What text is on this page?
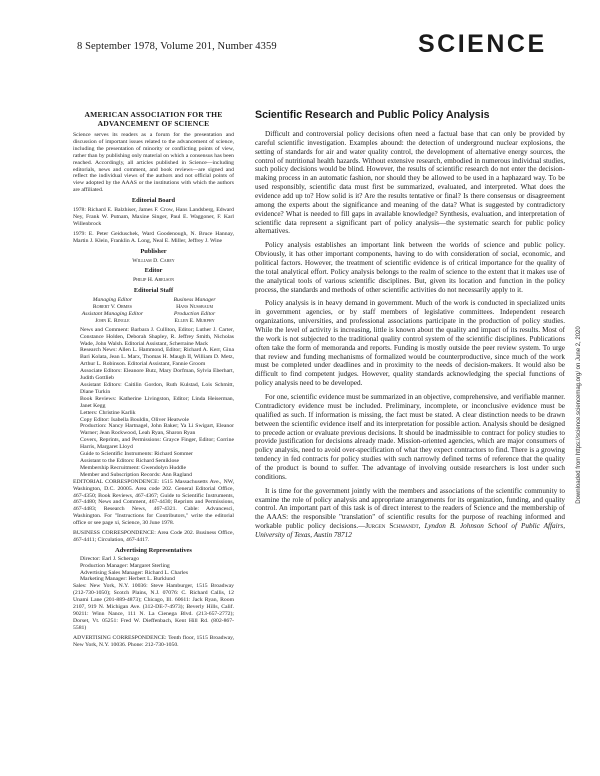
8 September 1978, Volume 201, Number 4359	SCIENCE
AMERICAN ASSOCIATION FOR THE ADVANCEMENT OF SCIENCE
Science serves its readers as a forum for the presentation and discussion of important issues related to the advancement of science, including the presentation of minority or conflicting points of view, rather than by publishing only material on which a consensus has been reached. Accordingly, all articles published in Science—including editorials, news and comment, and book reviews—are signed and reflect the individual views of the authors and not official points of view adopted by the AAAS or the institutions with which the authors are affiliated.
Editorial Board
1978: Richard E. Balzhiser, James F. Crow, Hans Landsberg, Edward Ney, Frank W. Putnam, Maxine Singer, Paul E. Waggoner, F. Karl Willenbrock
1979: E. Peter Geiduschek, Ward Goodenough, N. Bruce Hannay, Martin J. Klein, Franklin A. Long, Neal E. Miller, Jeffrey J. Wine
Publisher
William D. Carey
Editor
Philip H. Abelson
Editorial Staff
Managing Editor	Business Manager
Robert V. Ormes	Hans Nussbaum
Assistant Managing Editor	Production Editor
John E. Ringle	Ellen E. Murphy
News and Comment: Barbara J. Culliton, Editor; Luther J. Carter, Constance Holden, Deborah Shapley, R. Jeffrey Smith, Nicholas Wade, John Walsh. Editorial Assistant, Scherraine Mack
Research News: Allen L. Hammond, Editor; Richard A. Kerr, Gina Bari Kolata, Jean L. Marx, Thomas H. Maugh II, William D. Metz, Arthur L. Robinson. Editorial Assistant, Fannie Groom
Associate Editors: Eleanore Butz, Mary Dorfman, Sylvia Eberhart, Judith Gottlieb
Assistant Editors: Caitilin Gordon, Ruth Kulstad, Lois Schmitt, Diane Turkin
Book Reviews: Katherine Livingston, Editor; Linda Heiserman, Janet Kegg
Letters: Christine Karlik
Copy Editor: Isabella Bouldin, Oliver Heatwole
Production: Nancy Hartnagel, John Baker; Ya Li Swigart, Eleanor Warner; Jean Rockwood, Leah Ryan, Sharon Ryan
Covers, Reprints, and Permissions: Grayce Finger, Editor; Corrine Harris, Margaret Lloyd
Guide to Scientific Instruments: Richard Sommer
Assistant to the Editors: Richard Semiklose
Membership Recruitment: Gwendolyn Huddle
Member and Subscription Records: Ann Ragland
EDITORIAL CORRESPONDENCE: 1515 Massachusetts Ave., NW, Washington, D.C. 20005. Area code 202. General Editorial Office, 467-4350; Book Reviews, 467-4367; Guide to Scientific Instruments, 467-4480; News and Comment, 467-4430; Reprints and Permissions, 467-4483; Research News, 467-4321. Cable: Advancesci, Washington. For "Instructions for Contributors," write the editorial office or see page xi, Science, 30 June 1978.
BUSINESS CORRESPONDENCE: Area Code 202. Business Office, 467-4411; Circulation, 467-4417.
Advertising Representatives
Director: Earl J. Scherago
Production Manager: Margaret Sterling
Advertising Sales Manager: Richard L. Charles
Marketing Manager: Herbert L. Burklund
Sales: New York, N.Y. 10036: Steve Hamburger, 1515 Broadway (212-730-1050); Scotch Plains, N.J. 07076: C. Richard Callis, 12 Unami Lane (201-889-4873); Chicago, Ill. 60611: Jack Ryan, Room 2107, 919 N. Michigan Ave. (312-DE-7-4973); Beverly Hills, Calif. 90211: Winn Nance, 111 N. La Cienega Blvd. (213-657-2772); Dorset, Vt. 05251: Fred W. Dieffenbach, Kent Hill Rd. (802-867-5581)
ADVERTISING CORRESPONDENCE: Tenth floor, 1515 Broadway, New York, N.Y. 10036. Phone: 212-730-1050.
Scientific Research and Public Policy Analysis

Difficult and controversial policy decisions often need a factual base that can only be provided by careful scientific investigation. Examples abound: the detection of underground nuclear explosions, the setting of standards for air and water quality control, the development of alternative energy sources, the control of nutritional health hazards. Without extensive research, embodied in numerous individual studies, such policy decisions would be blind. However, the results of scientific research do not enter the decision-making process in an automatic fashion, nor should they be allowed to be used in a haphazard way. To be used responsibly, scientific data must first be summarized, evaluated, and interpreted. What does the evidence add up to? How solid is it? Are the results tentative or final? Is there consensus or disagreement among the experts about the significance and meaning of the data? What is suggested by contradictory evidence? What is needed to fill gaps in available knowledge? Synthesis, evaluation, and interpretation of scientific data represent a significant part of policy analysis—the systematic search for public policy alternatives.

Policy analysis establishes an important link between the worlds of science and public policy. Obviously, it has other important components, having to do with consideration of social, economic, and political factors. However, the treatment of scientific evidence is of critical importance for the quality of the total analytical effort. Policy analysis belongs to the realm of science to the extent that it makes use of the analytical tools of various scientific disciplines. But, given its location and function in the policy process, the standards and methods of other scientific activities do not necessarily apply to it.

Policy analysis is in heavy demand in government. Much of the work is conducted in specialized units in government agencies, or by staff members of legislative committees. Independent research organizations, universities, and professional associations participate in the production of policy studies. While the level of activity is increasing, little is known about the quality and impact of its results. Most of the work is not subjected to the traditional quality control system of the scientific disciplines. Publications often take the form of memoranda and reports. Funding is mostly outside the peer review system. To urge that review and funding mechanisms of formalized would be counterproductive, since much of the work must be completed under deadlines and in proximity to the needs of decision-makers. It would also be difficult to find competent judges. However, quality standards acknowledging the special functions of policy analysis need to be developed.

For one, scientific evidence must be summarized in an objective, comprehensive, and verifiable manner. Contradictory evidence must be included. Preliminary, incomplete, or inconclusive evidence must be qualified as such. If information is missing, the fact must be stated. A clear distinction needs to be drawn between the scientific evidence itself and its interpretation for possible action. Analysis should be designed to precede action or evaluate previous decisions. It should be inadmissible to contract for policy studies to provide justification for decisions already made. Mission-oriented agencies, which are major consumers of policy analysis, need to avoid over-specification of what they expect contractors to find. There is a growing tendency in fed contracts for policy studies with such narrowly defined terms of reference that the quality of the product is bound to suffer. The advantage of involving outside researchers is lost under such conditions.

It is time for the government jointly with the members and associations of the scientific community to examine the role of policy analysis and appropriate arrangements for its organization, funding, and quality control. An important part of this task is of direct interest to the readers of Science and the membership of the AAAS: the responsible "translation" of scientific results for the purpose of reaching informed and workable public policy decisions.—Jurgen Schmandt, Lyndon B. Johnson School of Public Affairs, University of Texas, Austin 78712

Downloaded from https://science.sciencemag.org/ on June 2, 2020
